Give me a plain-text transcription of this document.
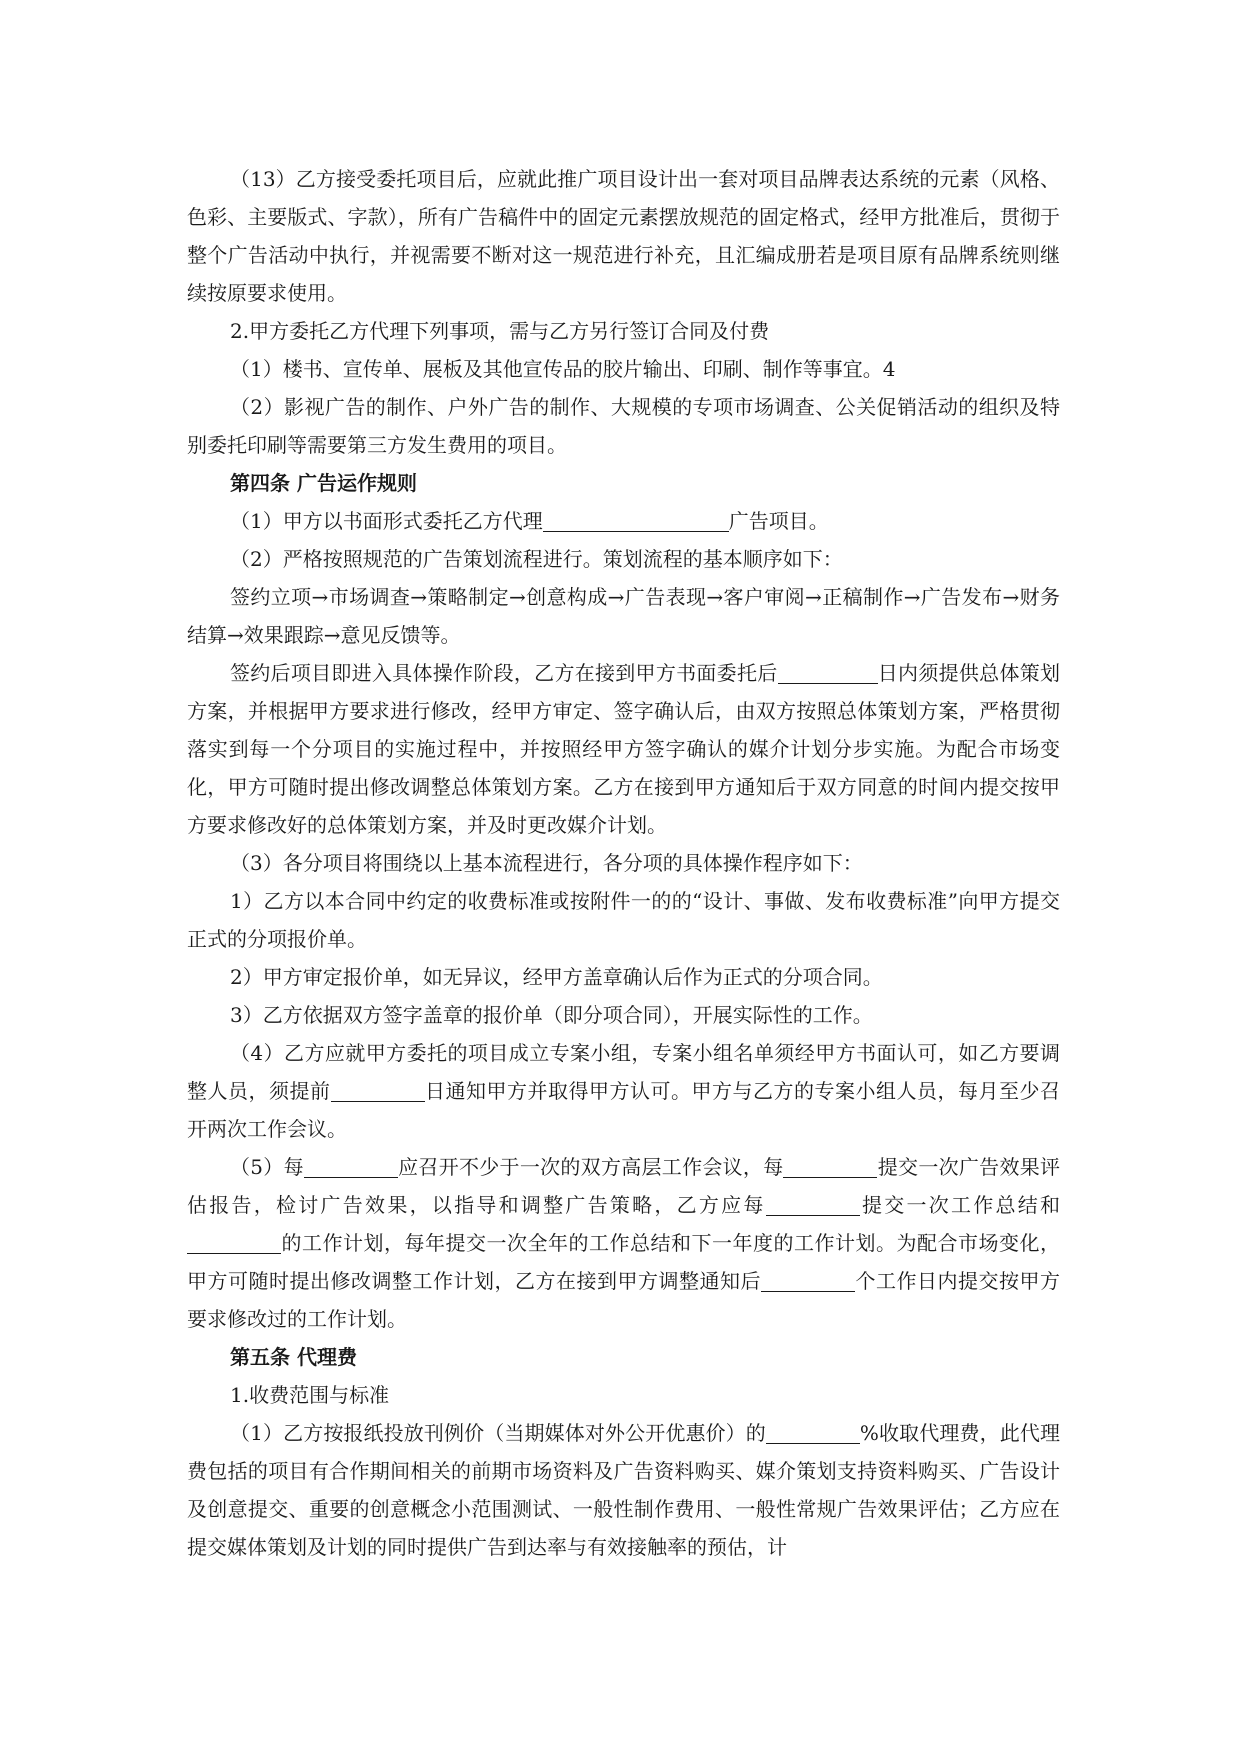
（13）乙方接受委托项目后，应就此推广项目设计出一套对项目品牌表达系统的元素（风格、色彩、主要版式、字款），所有广告稿件中的固定元素摆放规范的固定格式，经甲方批准后，贯彻于整个广告活动中执行，并视需要不断对这一规范进行补充，且汇编成册若是项目原有品牌系统则继续按原要求使用。

2.甲方委托乙方代理下列事项，需与乙方另行签订合同及付费

（1）楼书、宣传单、展板及其他宣传品的胶片输出、印刷、制作等事宜。4

（2）影视广告的制作、户外广告的制作、大规模的专项市场调查、公关促销活动的组织及特别委托印刷等需要第三方发生费用的项目。

第四条 广告运作规则

（1）甲方以书面形式委托乙方代理	广告项目。

（2）严格按照规范的广告策划流程进行。策划流程的基本顺序如下：

签约立项→市场调查→策略制定→创意构成→广告表现→客户审阅→正稿制作→广告发布→财务结算→效果跟踪→意见反馈等。

签约后项目即进入具体操作阶段，乙方在接到甲方书面委托后	日内须提供总体策划方案，并根据甲方要求进行修改，经甲方审定、签字确认后，由双方按照总体策划方案，严格贯彻落实到每一个分项目的实施过程中，并按照经甲方签字确认的媒介计划分步实施。为配合市场变化，甲方可随时提出修改调整总体策划方案。乙方在接到甲方通知后于双方同意的时间内提交按甲方要求修改好的总体策划方案，并及时更改媒介计划。

（3）各分项目将围绕以上基本流程进行，各分项的具体操作程序如下：

1）乙方以本合同中约定的收费标准或按附件一的的“设计、事做、发布收费标准”向甲方提交正式的分项报价单。

2）甲方审定报价单，如无异议，经甲方盖章确认后作为正式的分项合同。

3）乙方依据双方签字盖章的报价单（即分项合同），开展实际性的工作。

（4）乙方应就甲方委托的项目成立专案小组，专案小组名单须经甲方书面认可，如乙方要调整人员，须提前	日通知甲方并取得甲方认可。甲方与乙方的专案小组人员，每月至少召开两次工作会议。

（5）每	应召开不少于一次的双方高层工作会议，每	提交一次广告效果评估报告，检讨广告效果，以指导和调整广告策略，乙方应每	提交一次工作总结和的工作计划，每年提交一次全年的工作总结和下一年度的工作计划。为配合市场变化，甲方可随时提出修改调整工作计划，乙方在接到甲方调整通知后	个工作日内提交按甲方要求修改过的工作计划。

第五条 代理费

1.收费范围与标准

（1）乙方按报纸投放刊例价（当期媒体对外公开优惠价）的	%收取代理费，此代理费包括的项目有合作期间相关的前期市场资料及广告资料购买、媒介策划支持资料购买、广告设计及创意提交、重要的创意概念小范围测试、一般性制作费用、一般性常规广告效果评估；乙方应在提交媒体策划及计划的同时提供广告到达率与有效接触率的预估，计
